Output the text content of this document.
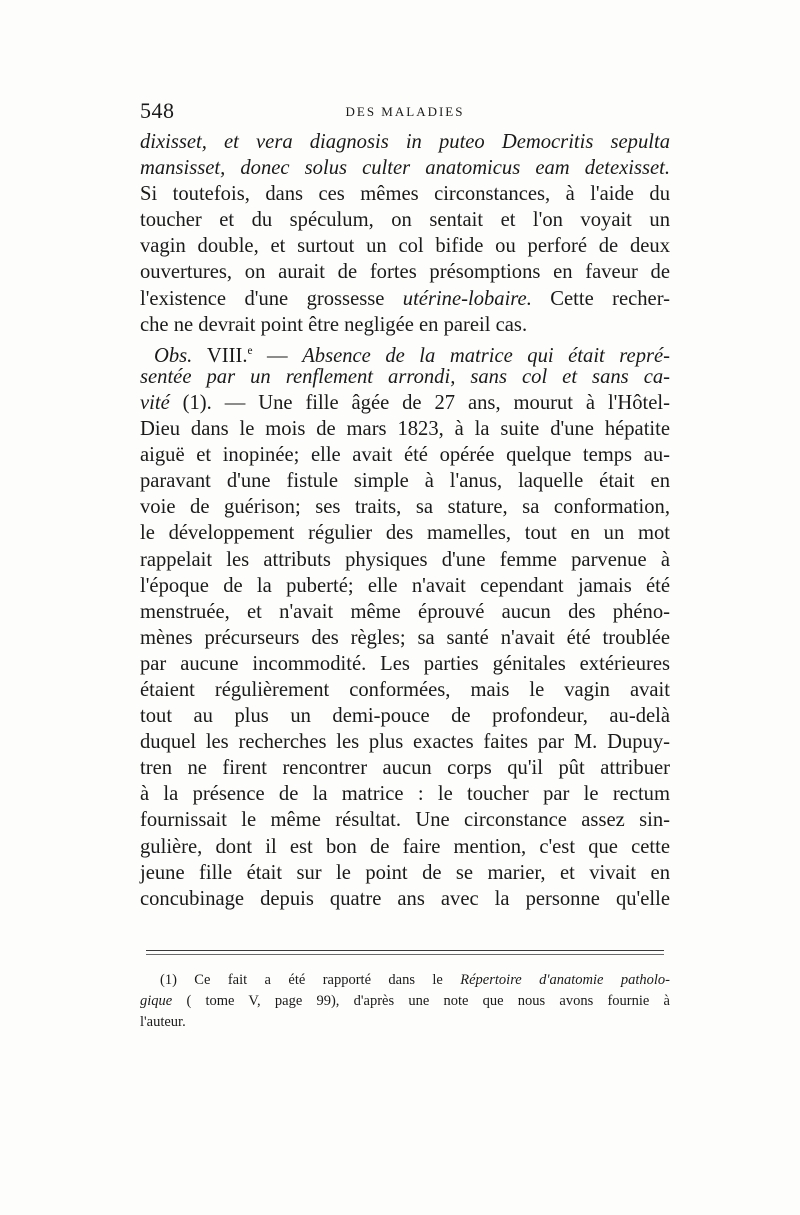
548	DES MALADIES
dixisset, et vera diagnosis in puteo Democritis sepulta
mansisset, donec solus culter anatomicus eam detexisset.
Si toutefois, dans ces mêmes circonstances, à l'aide du
toucher et du spéculum, on sentait et l'on voyait un
vagin double, et surtout un col bifide ou perforé de deux
ouvertures, on aurait de fortes présomptions en faveur de
l'existence d'une grossesse utérine-lobaire. Cette recher-
che ne devrait point être negligée en pareil cas.
Obs. VIII.$^e$ — Absence de la matrice qui était repré-
sentée par un renflement arrondi, sans col et sans ca-
vité (1). — Une fille âgée de 27 ans, mourut à l'Hôtel-
Dieu dans le mois de mars 1823, à la suite d'une hépatite
aiguë et inopinée; elle avait été opérée quelque temps au-
paravant d'une fistule simple à l'anus, laquelle était en
voie de guérison; ses traits, sa stature, sa conformation,
le développement régulier des mamelles, tout en un mot
rappelait les attributs physiques d'une femme parvenue à
l'époque de la puberté; elle n'avait cependant jamais été
menstruée, et n'avait même éprouvé aucun des phéno-
mènes précurseurs des règles; sa santé n'avait été troublée
par aucune incommodité. Les parties génitales extérieures
étaient régulièrement conformées, mais le vagin avait
tout au plus un demi-pouce de profondeur, au-delà
duquel les recherches les plus exactes faites par M. Dupuy-
tren ne firent rencontrer aucun corps qu'il pût attribuer
à la présence de la matrice : le toucher par le rectum
fournissait le même résultat. Une circonstance assez sin-
gulière, dont il est bon de faire mention, c'est que cette
jeune fille était sur le point de se marier, et vivait en
concubinage depuis quatre ans avec la personne qu'elle
(1) Ce fait a été rapporté dans le Répertoire d'anatomie patholo-
gique ( tome V, page 99), d'après une note que nous avons fournie à
l'auteur.
